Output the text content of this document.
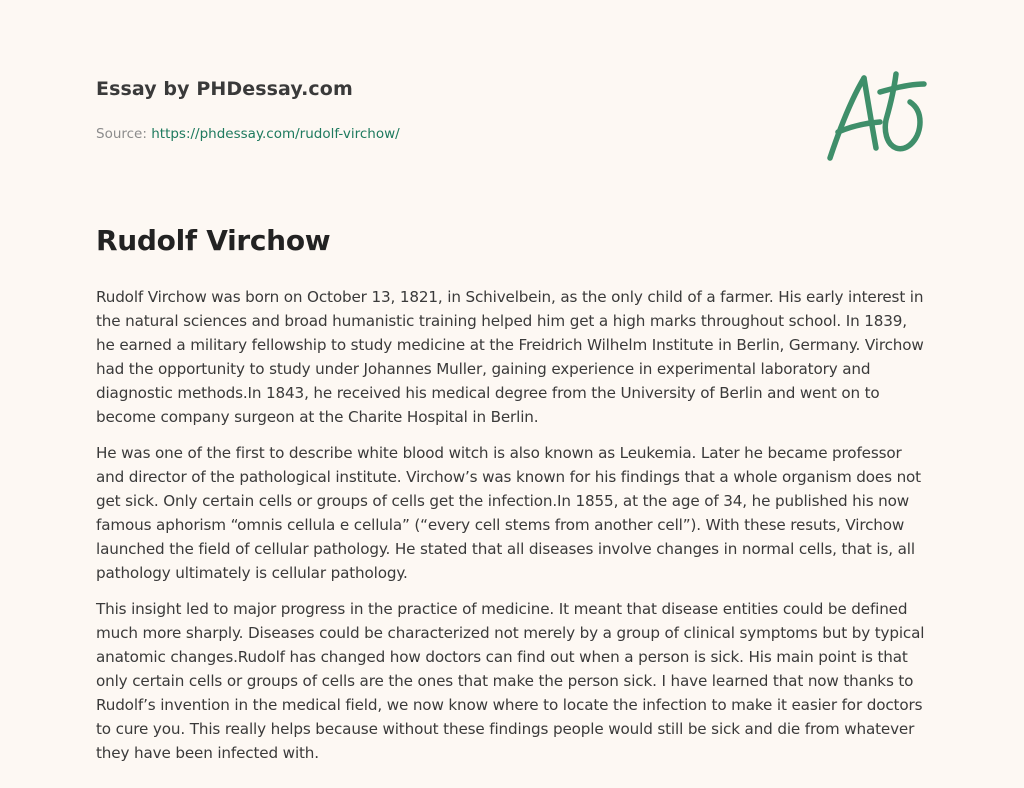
Essay by PHDessay.com
Source: https://phdessay.com/rudolf-virchow/
Rudolf Virchow

Rudolf Virchow was born on October 13, 1821, in Schivelbein, as the only child of a farmer. His early interest in the natural sciences and broad humanistic training helped him get a high marks throughout school. In 1839, he earned a military fellowship to study medicine at the Freidrich Wilhelm Institute in Berlin, Germany. Virchow had the opportunity to study under Johannes Muller, gaining experience in experimental laboratory and diagnostic methods.In 1843, he received his medical degree from the University of Berlin and went on to become company surgeon at the Charite Hospital in Berlin.

He was one of the first to describe white blood witch is also known as Leukemia. Later he became professor and director of the pathological institute. Virchow’s was known for his findings that a whole organism does not get sick. Only certain cells or groups of cells get the infection.In 1855, at the age of 34, he published his now famous aphorism “omnis cellula e cellula” (“every cell stems from another cell”). With these resuts, Virchow launched the field of cellular pathology. He stated that all diseases involve changes in normal cells, that is, all pathology ultimately is cellular pathology.

This insight led to major progress in the practice of medicine. It meant that disease entities could be defined much more sharply. Diseases could be characterized not merely by a group of clinical symptoms but by typical anatomic changes.Rudolf has changed how doctors can find out when a person is sick. His main point is that only certain cells or groups of cells are the ones that make the person sick. I have learned that now thanks to Rudolf’s invention in the medical field, we now know where to locate the infection to make it easier for doctors to cure you. This really helps because without these findings people would still be sick and die from whatever they have been infected with.
